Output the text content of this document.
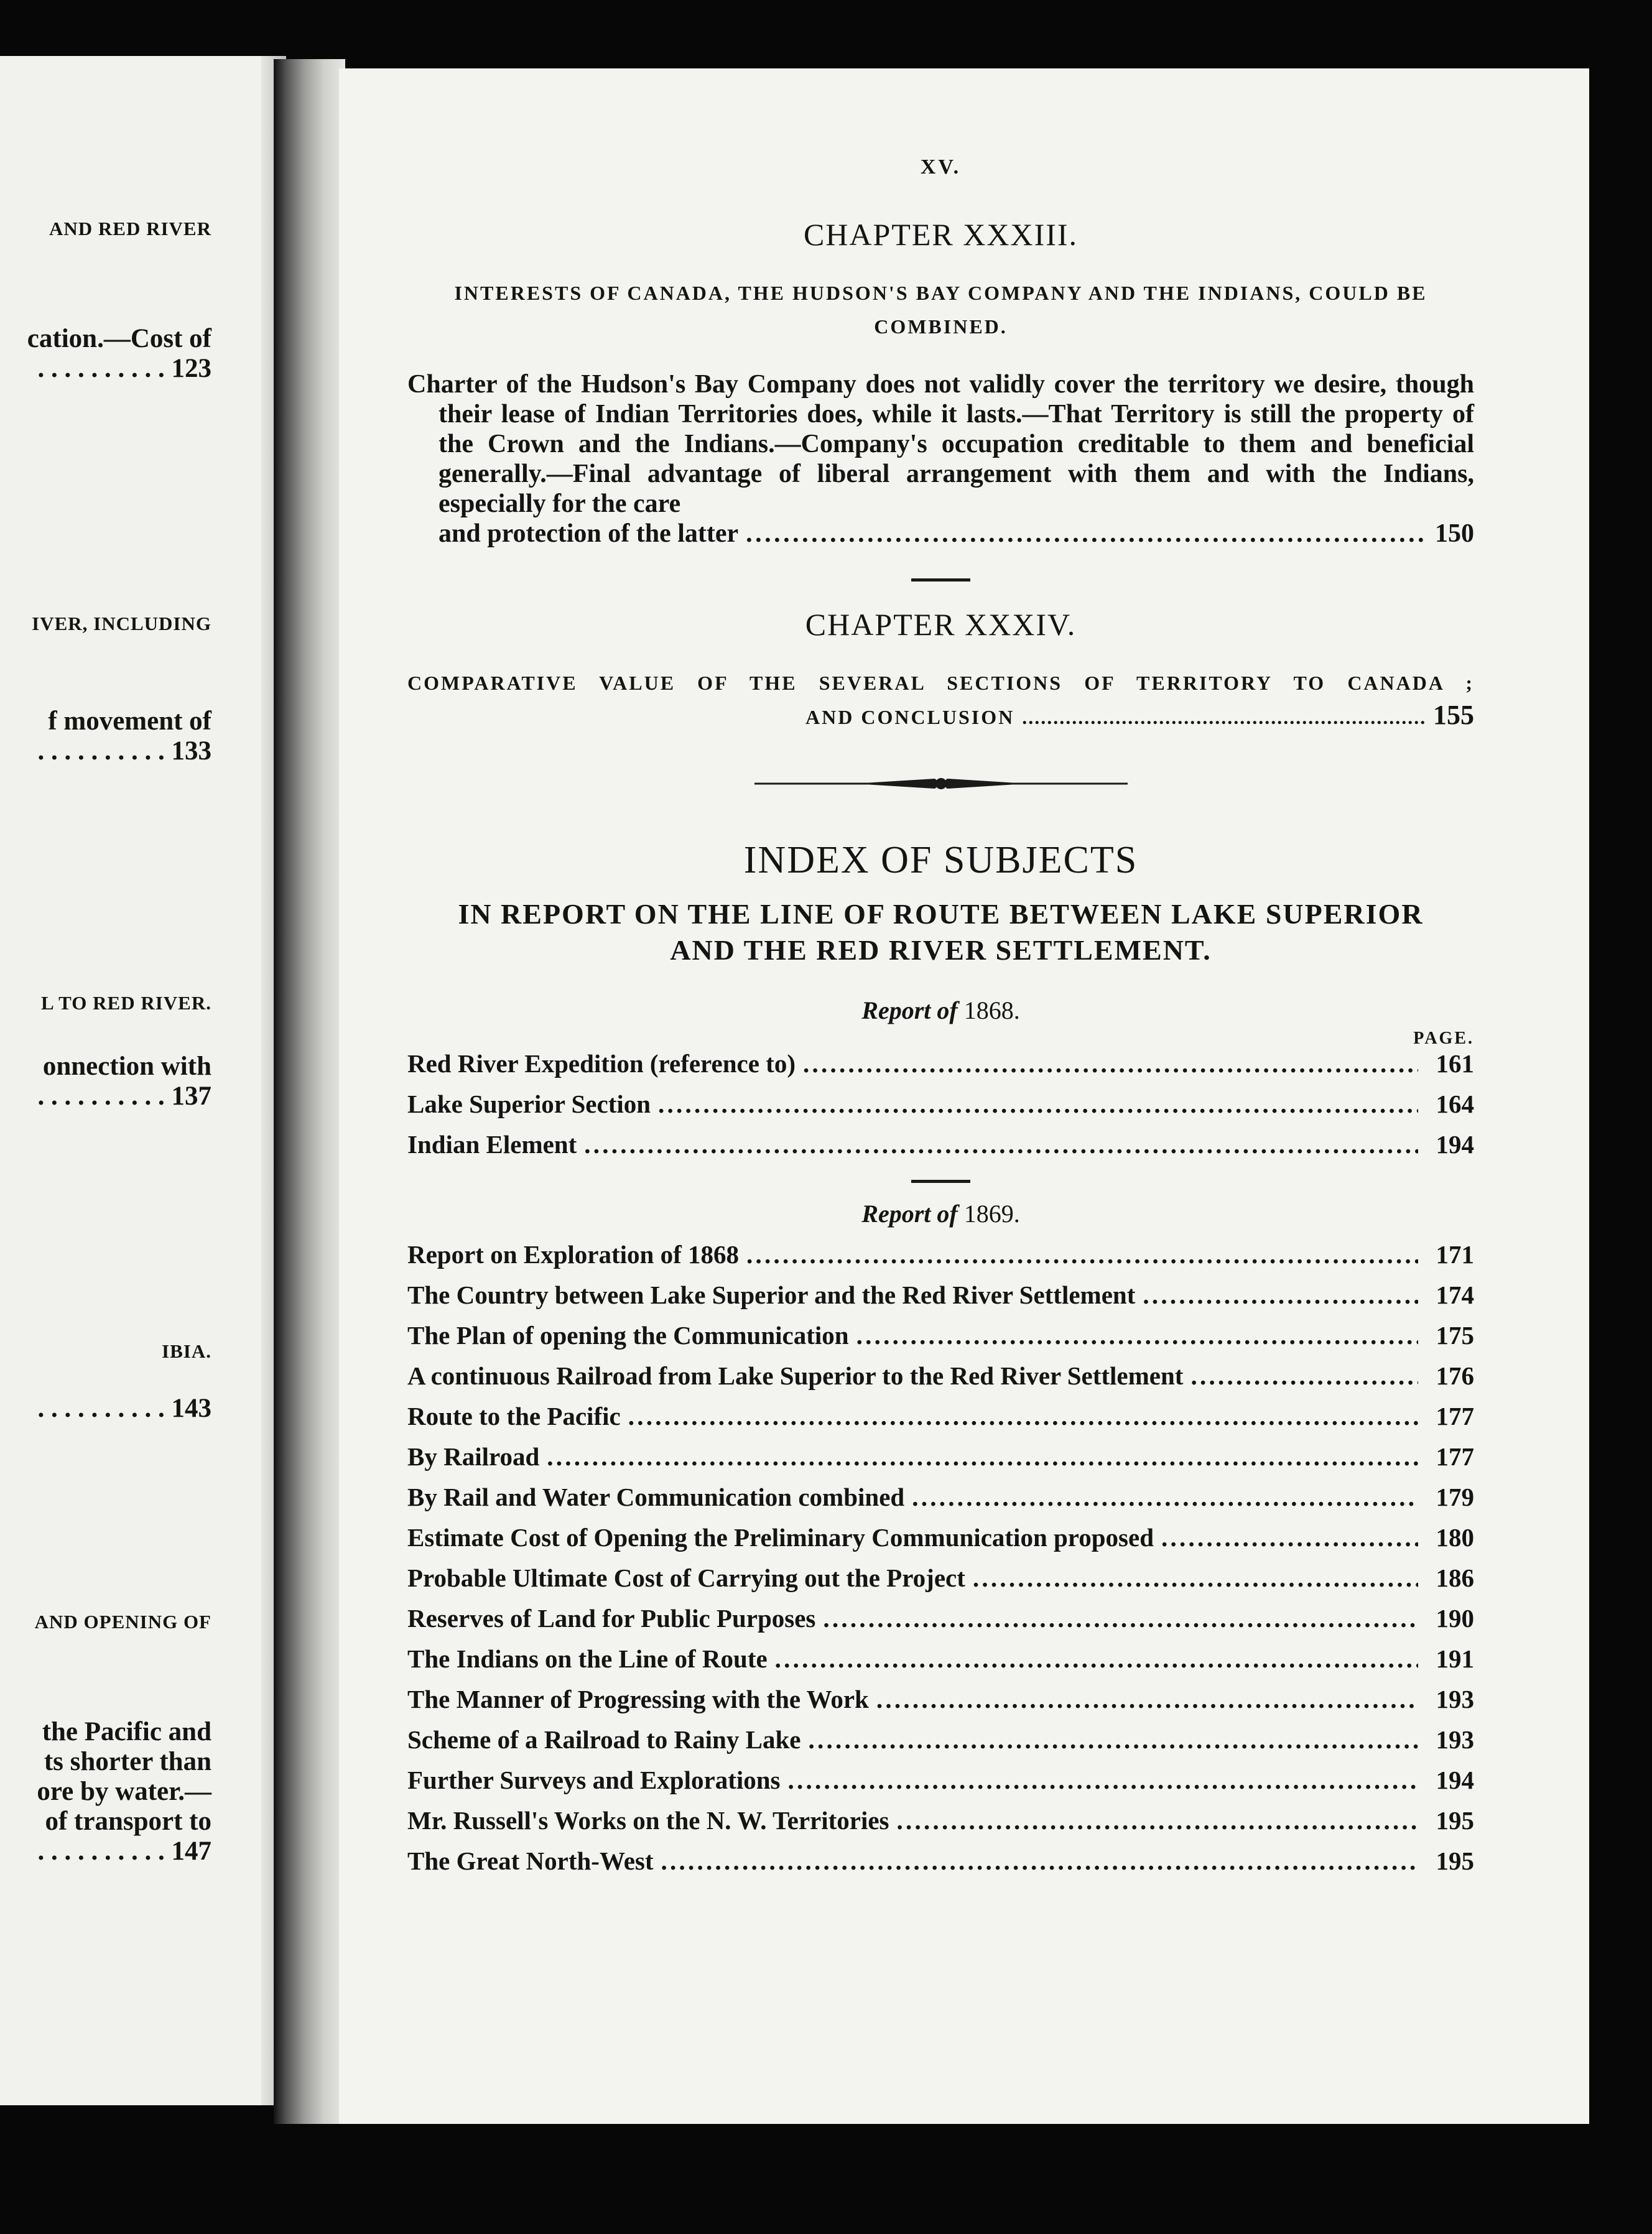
AND RED RIVER
cation.—Cost of
. . . . . . . . . . 123
IVER, INCLUDING
f movement of
. . . . . . . . . . 133
L TO RED RIVER.
onnection with
. . . . . . . . . . 137
IBIA.
. . . . . . . . . . 143
AND OPENING OF
the Pacific and
ts shorter than
ore by water.—
of transport to
. . . . . . . . . . 147
XV.
CHAPTER XXXIII.
INTERESTS OF CANADA, THE HUDSON'S BAY COMPANY AND THE INDIANS, COULD BE COMBINED.
Charter of the Hudson's Bay Company does not validly cover the territory we desire, though their lease of Indian Territories does, while it lasts.—That Territory is still the property of the Crown and the Indians.—Company's occupation creditable to them and beneficial generally.—Final advantage of liberal arrangement with them and with the Indians, especially for the care
and protection of the latter . . .	150
CHAPTER XXXIV.
COMPARATIVE VALUE OF THE SEVERAL SECTIONS OF TERRITORY TO CANADA ;
AND CONCLUSION . . .	155
INDEX OF SUBJECTS
IN REPORT ON THE LINE OF ROUTE BETWEEN LAKE SUPERIOR
AND THE RED RIVER SETTLEMENT.
Report of 1868.
PAGE.
Red River Expedition (reference to) . . .	161
Lake Superior Section . . .	164
Indian Element . . .	194
Report of 1869.
Report on Exploration of 1868 . . .	171
The Country between Lake Superior and the Red River Settlement . . .	174
The Plan of opening the Communication . . .	175
A continuous Railroad from Lake Superior to the Red River Settlement . . .	176
Route to the Pacific . . .	177
By Railroad . . .	177
By Rail and Water Communication combined . . .	179
Estimate Cost of Opening the Preliminary Communication proposed . . .	180
Probable Ultimate Cost of Carrying out the Project . . .	186
Reserves of Land for Public Purposes . . .	190
The Indians on the Line of Route . . .	191
The Manner of Progressing with the Work . . .	193
Scheme of a Railroad to Rainy Lake . . .	193
Further Surveys and Explorations . . .	194
Mr. Russell's Works on the N. W. Territories . . .	195
The Great North-West . . .	195
